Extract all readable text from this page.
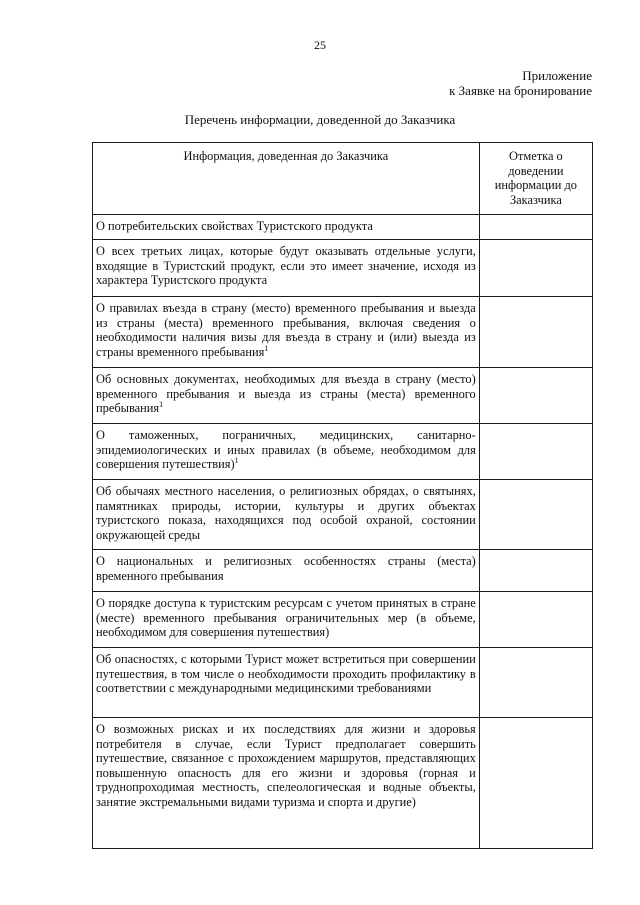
25
Приложение
к Заявке на бронирование
Перечень информации, доведенной до Заказчика
Информация, доведенная до Заказчика	Отметка о доведении информации до Заказчика
О потребительских свойствах Туристского продукта	
О всех третьих лицах, которые будут оказывать отдельные услуги, входящие в Туристский продукт, если это имеет значение, исходя из характера Туристского продукта	
О правилах въезда в страну (место) временного пребывания и выезда из страны (места) временного пребывания, включая сведения о необходимости наличия визы для въезда в страну и (или) выезда из страны временного пребывания$^1$	
Об основных документах, необходимых для въезда в страну (место) временного пребывания и выезда из страны (места) временного пребывания$^1$	
О таможенных, пограничных, медицинских, санитарно-эпидемиологических и иных правилах (в объеме, необходимом для совершения путешествия)$^1$	
Об обычаях местного населения, о религиозных обрядах, о святынях, памятниках природы, истории, культуры и других объектах туристского показа, находящихся под особой охраной, состоянии окружающей среды	
О национальных и религиозных особенностях страны (места) временного пребывания	
О порядке доступа к туристским ресурсам с учетом принятых в стране (месте) временного пребывания ограничительных мер (в объеме, необходимом для совершения путешествия)	
Об опасностях, с которыми Турист может встретиться при совершении путешествия, в том числе о необходимости проходить профилактику в соответствии с международными медицинскими требованиями	
О возможных рисках и их последствиях для жизни и здоровья потребителя в случае, если Турист предполагает совершить путешествие, связанное с прохождением маршрутов, представляющих повышенную опасность для его жизни и здоровья (горная и труднопроходимая местность, спелеологическая и водные объекты, занятие экстремальными видами туризма и спорта и другие)	
